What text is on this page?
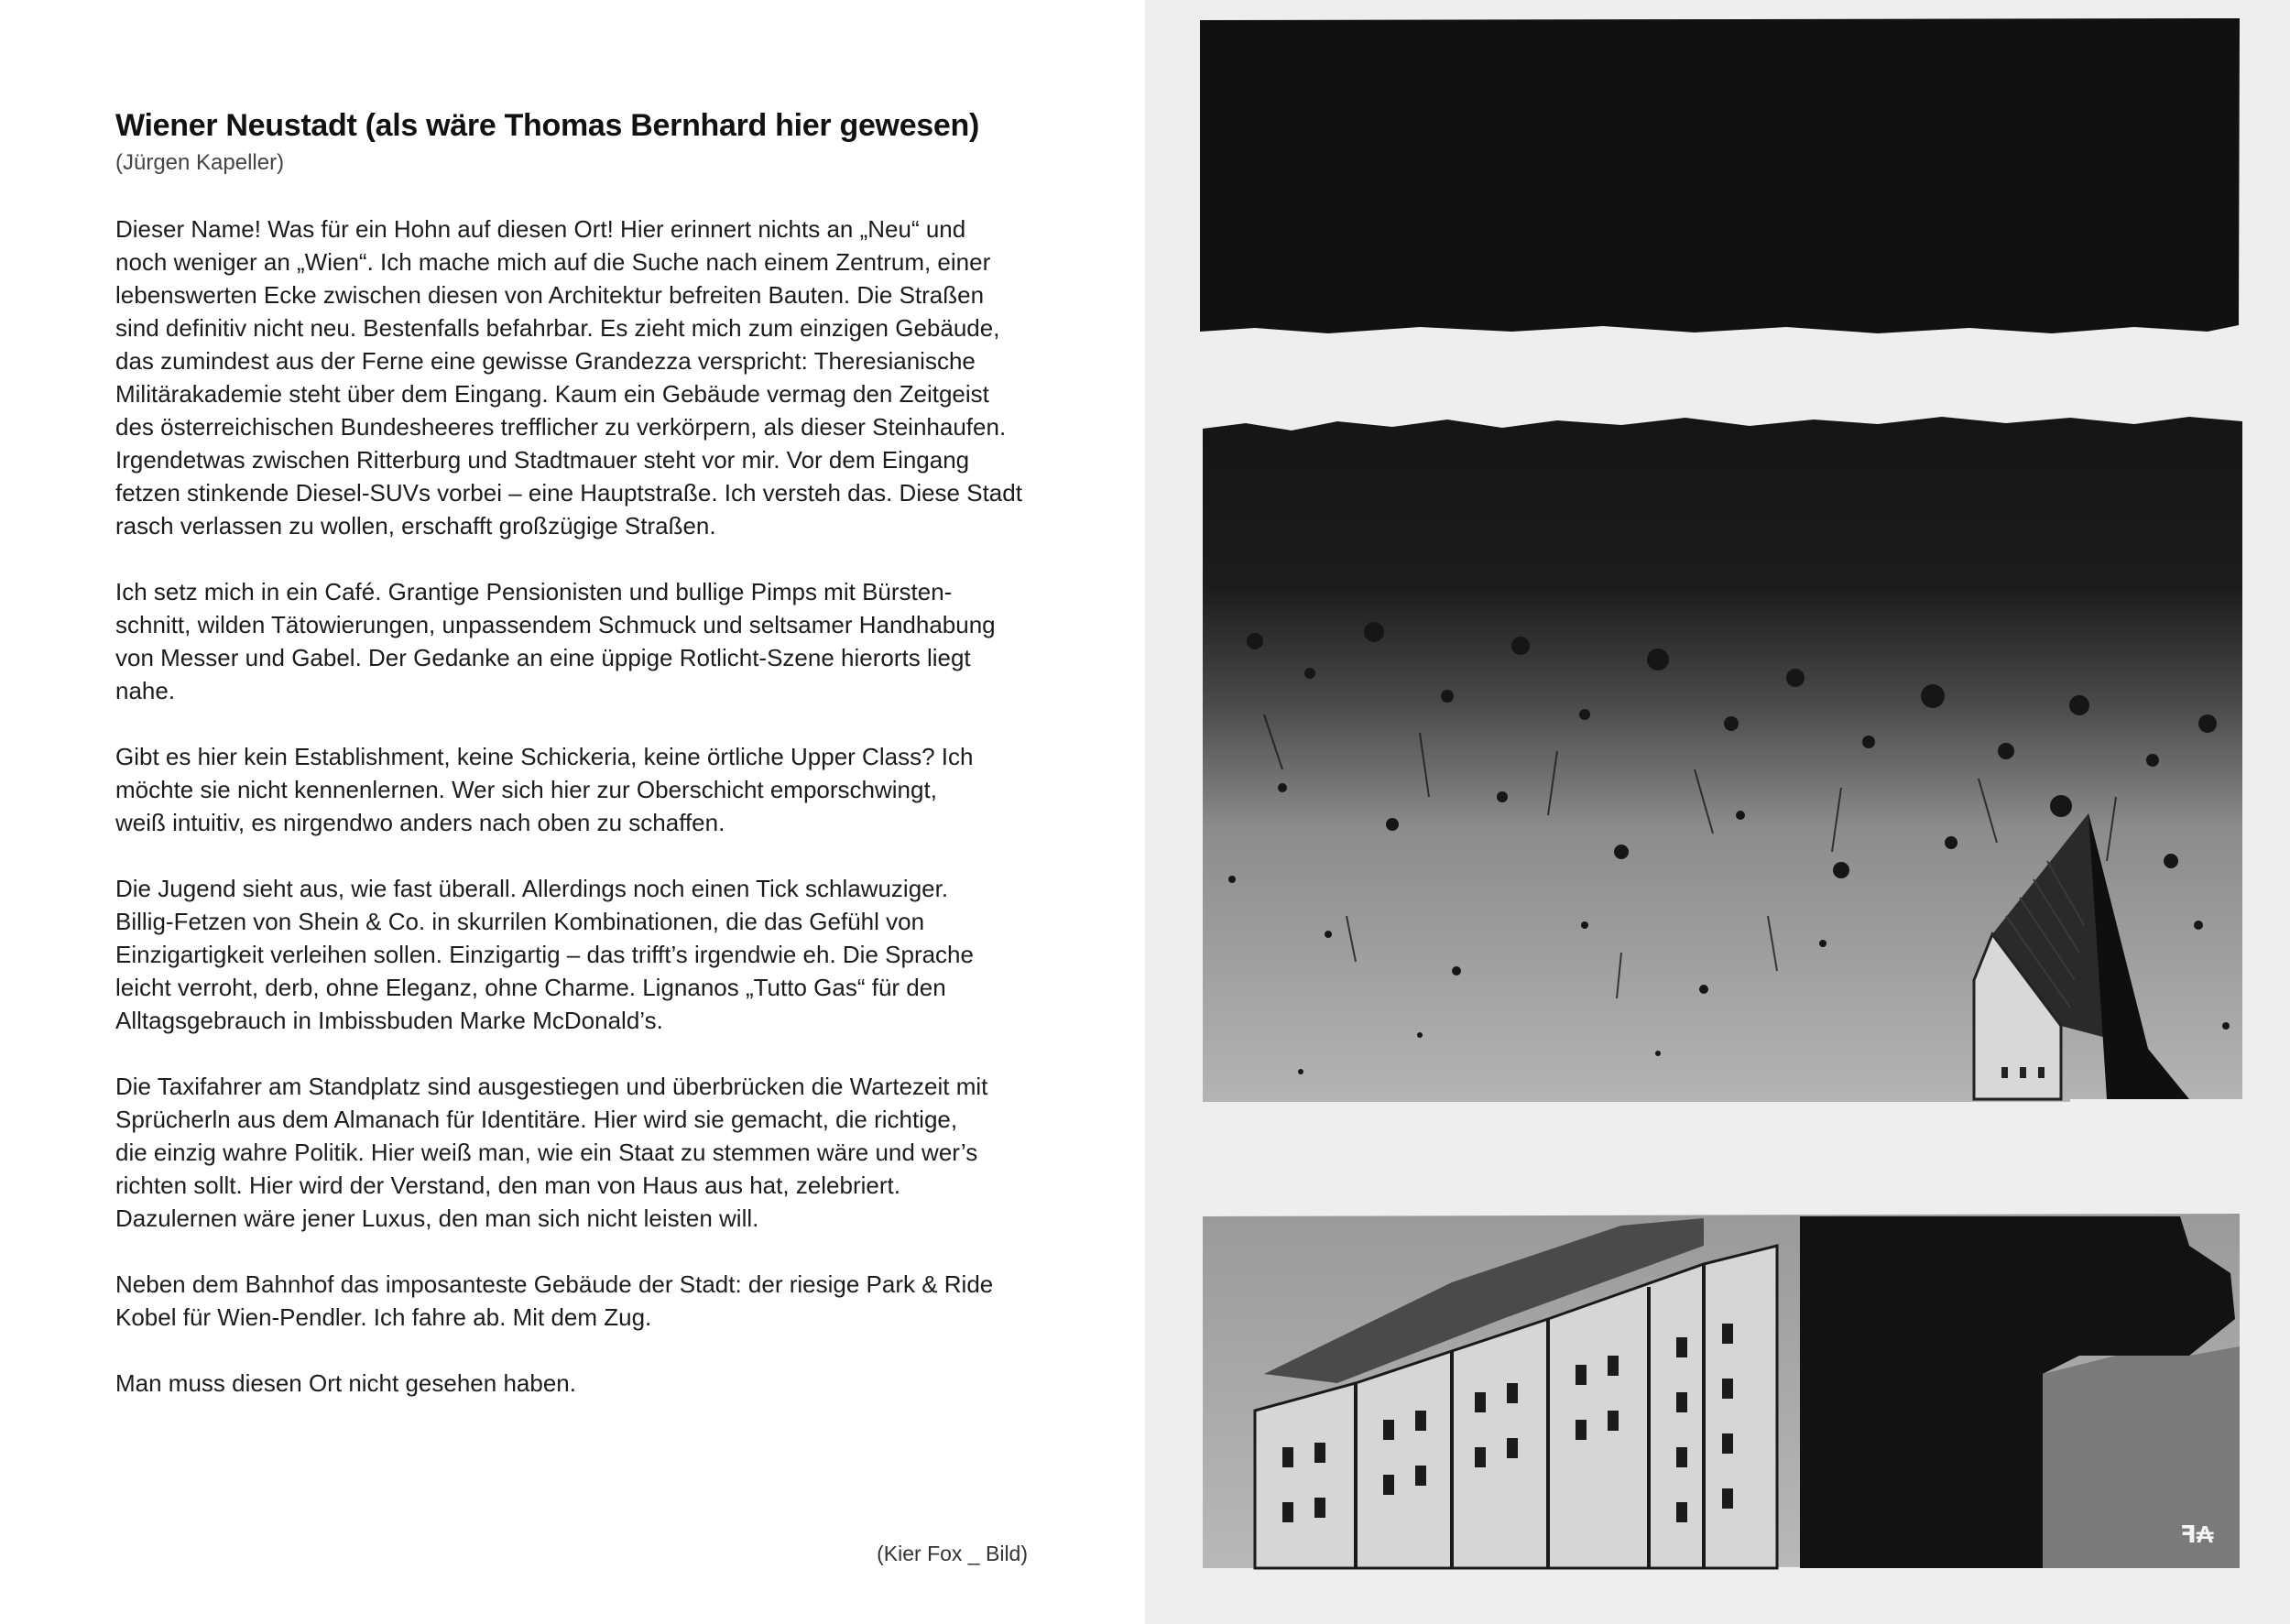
Wiener Neustadt (als wäre Thomas Bernhard hier gewesen)
(Jürgen Kapeller)

Dieser Name! Was für ein Hohn auf diesen Ort! Hier erinnert nichts an „Neu“ und
noch weniger an „Wien“. Ich mache mich auf die Suche nach einem Zentrum, einer
lebenswerten Ecke zwischen diesen von Architektur befreiten Bauten. Die Straßen
sind definitiv nicht neu. Bestenfalls befahrbar. Es zieht mich zum einzigen Gebäude,
das zumindest aus der Ferne eine gewisse Grandezza verspricht: Theresianische
Militärakademie steht über dem Eingang. Kaum ein Gebäude vermag den Zeitgeist
des österreichischen Bundesheeres trefflicher zu verkörpern, als dieser Steinhaufen.
Irgendetwas zwischen Ritterburg und Stadtmauer steht vor mir. Vor dem Eingang
fetzen stinkende Diesel-SUVs vorbei – eine Hauptstraße. Ich versteh das. Diese Stadt
rasch verlassen zu wollen, erschafft großzügige Straßen.

Ich setz mich in ein Café. Grantige Pensionisten und bullige Pimps mit Bürsten-
schnitt, wilden Tätowierungen, unpassendem Schmuck und seltsamer Handhabung
von Messer und Gabel. Der Gedanke an eine üppige Rotlicht-Szene hierorts liegt
nahe.

Gibt es hier kein Establishment, keine Schickeria, keine örtliche Upper Class? Ich
möchte sie nicht kennenlernen. Wer sich hier zur Oberschicht emporschwingt,
weiß intuitiv, es nirgendwo anders nach oben zu schaffen.

Die Jugend sieht aus, wie fast überall. Allerdings noch einen Tick schlawuziger.
Billig-Fetzen von Shein & Co. in skurrilen Kombinationen, die das Gefühl von
Einzigartigkeit verleihen sollen. Einzigartig – das trifft’s irgendwie eh. Die Sprache
leicht verroht, derb, ohne Eleganz, ohne Charme. Lignanos „Tutto Gas“ für den
Alltagsgebrauch in Imbissbuden Marke McDonald’s.

Die Taxifahrer am Standplatz sind ausgestiegen und überbrücken die Wartezeit mit
Sprücherln aus dem Almanach für Identitäre. Hier wird sie gemacht, die richtige,
die einzig wahre Politik. Hier weiß man, wie ein Staat zu stemmen wäre und wer’s
richten sollt. Hier wird der Verstand, den man von Haus aus hat, zelebriert.
Dazulernen wäre jener Luxus, den man sich nicht leisten will.

Neben dem Bahnhof das imposanteste Gebäude der Stadt: der riesige Park & Ride
Kobel für Wien-Pendler. Ich fahre ab. Mit dem Zug.

Man muss diesen Ort nicht gesehen haben.

(Kier Fox _ Bild)
ꟻ₳
